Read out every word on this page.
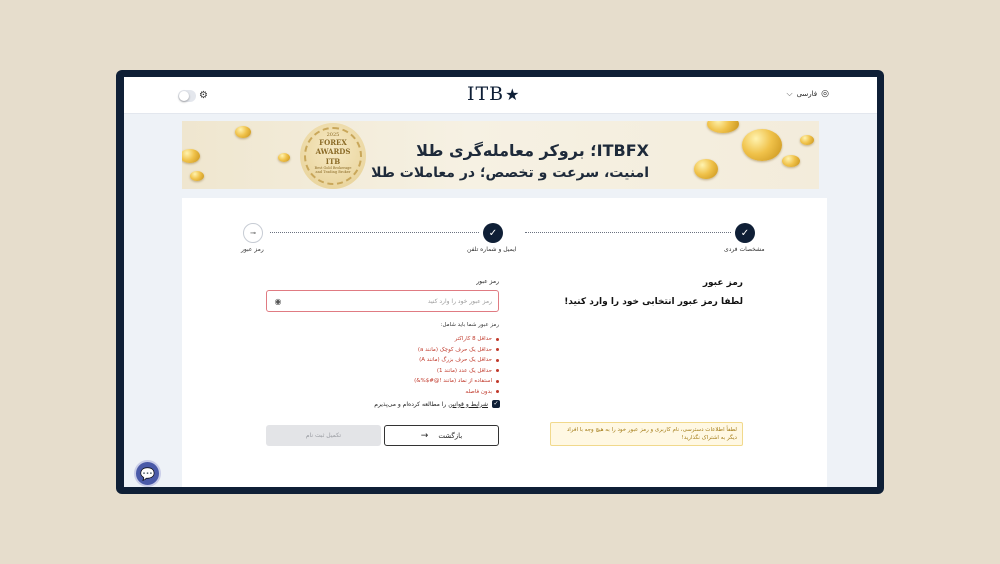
⚙	ITB ★	⌵ فارسی ◎
2025
FOREX
AWARDS
ITB
Best Gold Brokerage and Trading Broker
ITBFX؛ بروکر معامله‌گری طلا
امنیت، سرعت و تخصص؛ در معاملات طلا
✓
✓
⊸
مشخصات فردی
ایمیل و شماره تلفن
رمز عبور
رمز عبور
لطفا رمز عبور انتخابی خود را وارد کنید!
رمز عبور
◉
رمز عبور شما باید شامل:
حداقل 8 کاراکتر
حداقل یک حرف کوچک (مانند a)
حداقل یک حرف بزرگ (مانند A)
حداقل یک عدد (مانند 1)
استفاده از نماد (مانند !@#$%&)
بدون فاصله
✓
شرایط و قوانین را مطالعه کرده‌ام و می‌پذیرم
بازگشت
→
تکمیل ثبت نام
لطفاً اطلاعات دسترسی، نام کاربری و رمز عبور خود را به هیچ وجه با افراد دیگر به اشتراک نگذارید!
💬
